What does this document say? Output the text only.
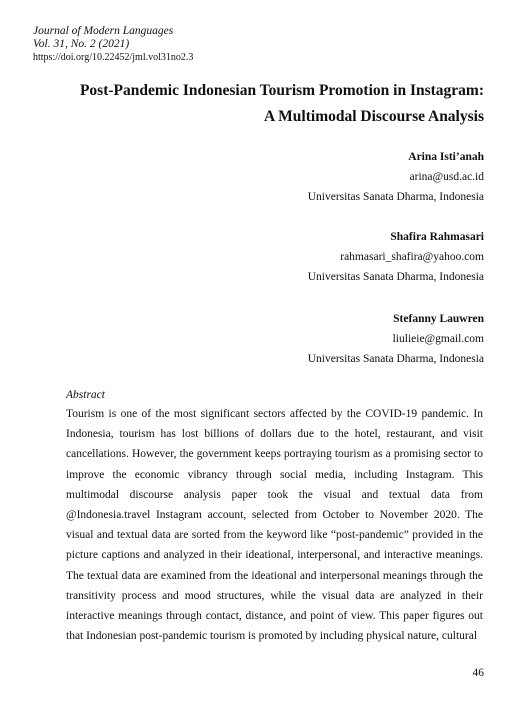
Journal of Modern Languages
Vol. 31, No. 2 (2021)
https://doi.org/10.22452/jml.vol31no2.3
Post-Pandemic Indonesian Tourism Promotion in Instagram:
A Multimodal Discourse Analysis
Arina Isti’anah
arina@usd.ac.id
Universitas Sanata Dharma, Indonesia
Shafira Rahmasari
rahmasari_shafira@yahoo.com
Universitas Sanata Dharma, Indonesia
Stefanny Lauwren
liulieie@gmail.com
Universitas Sanata Dharma, Indonesia
Abstract
Tourism is one of the most significant sectors affected by the COVID-19 pandemic. In Indonesia, tourism has lost billions of dollars due to the hotel, restaurant, and visit cancellations. However, the government keeps portraying tourism as a promising sector to improve the economic vibrancy through social media, including Instagram. This multimodal discourse analysis paper took the visual and textual data from @Indonesia.travel Instagram account, selected from October to November 2020. The visual and textual data are sorted from the keyword like “post-pandemic” provided in the picture captions and analyzed in their ideational, interpersonal, and interactive meanings. The textual data are examined from the ideational and interpersonal meanings through the transitivity process and mood structures, while the visual data are analyzed in their interactive meanings through contact, distance, and point of view. This paper figures out that Indonesian post-pandemic tourism is promoted by including physical nature, cultural
46
